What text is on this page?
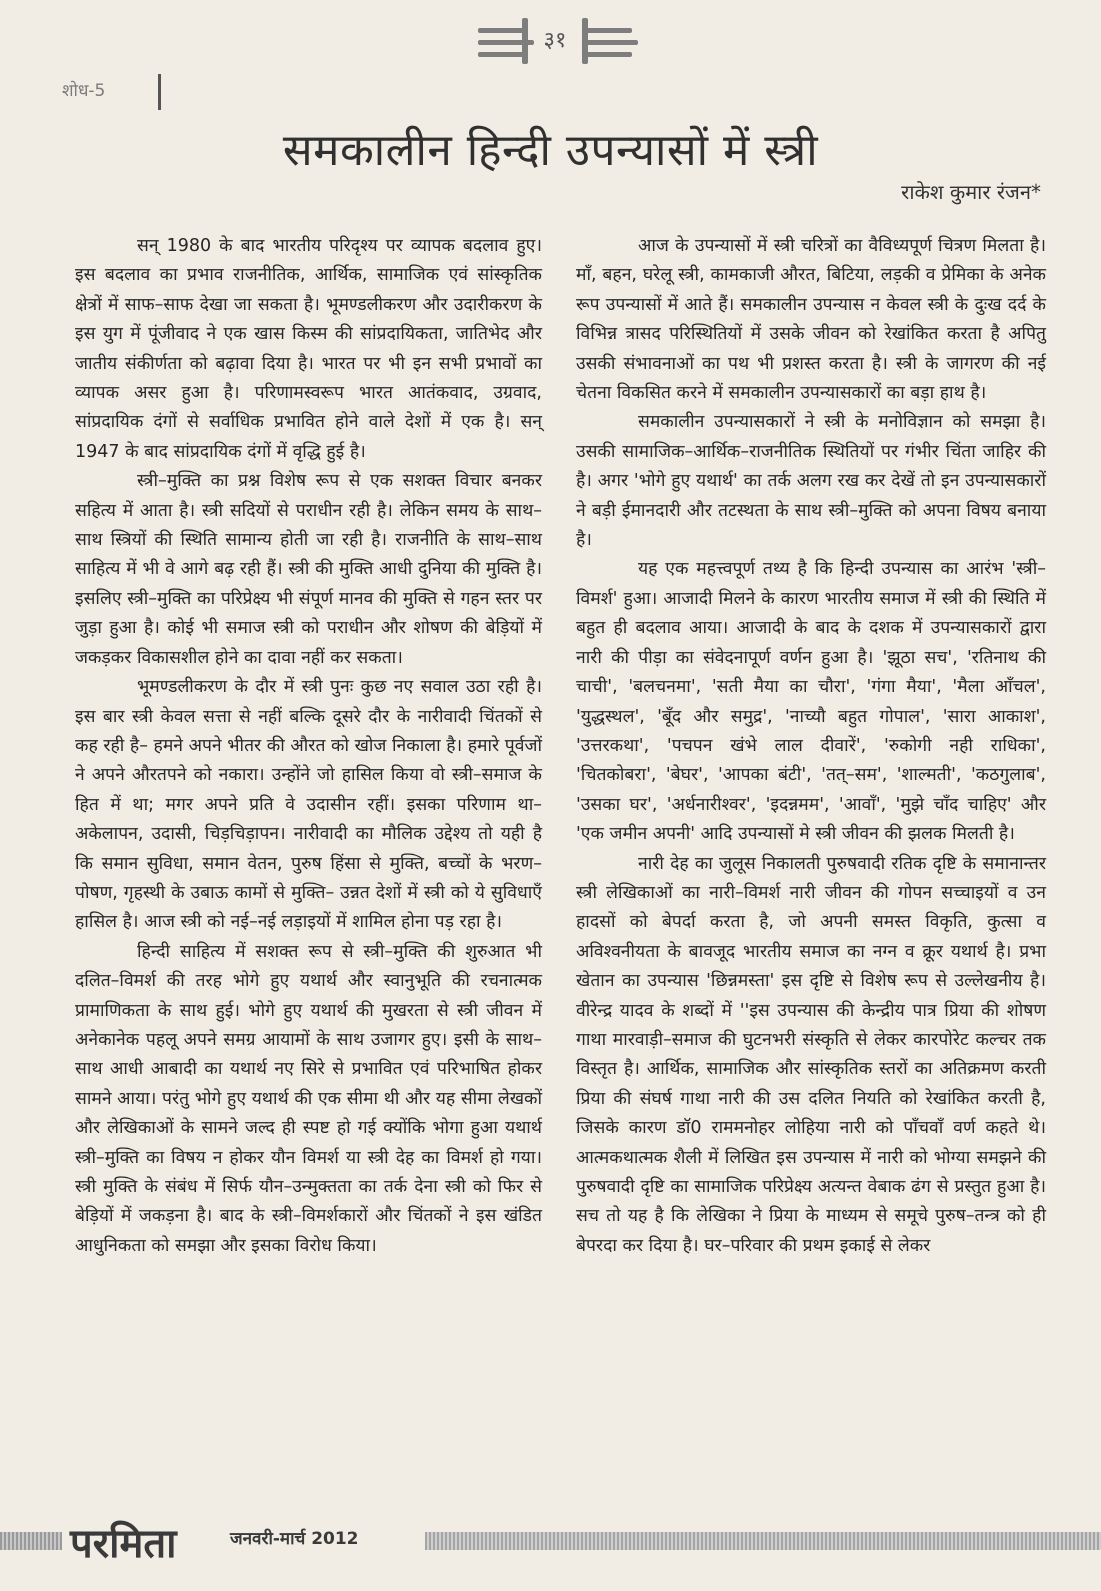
३१
शोध-5
समकालीन हिन्दी उपन्यासों में स्त्री
राकेश कुमार रंजन*

सन् 1980 के बाद भारतीय परिदृश्य पर व्यापक बदलाव हुए। इस बदलाव का प्रभाव राजनीतिक, आर्थिक, सामाजिक एवं सांस्कृतिक क्षेत्रों में साफ–साफ देखा जा सकता है। भूमण्डलीकरण और उदारीकरण के इस युग में पूंजीवाद ने एक खास किस्म की सांप्रदायिकता, जातिभेद और जातीय संकीर्णता को बढ़ावा दिया है। भारत पर भी इन सभी प्रभावों का व्यापक असर हुआ है। परिणामस्वरूप भारत आतंकवाद, उग्रवाद, सांप्रदायिक दंगों से सर्वाधिक प्रभावित होने वाले देशों में एक है। सन् 1947 के बाद सांप्रदायिक दंगों में वृद्धि हुई है।

स्त्री–मुक्ति का प्रश्न विशेष रूप से एक सशक्त विचार बनकर सहित्य में आता है। स्त्री सदियों से पराधीन रही है। लेकिन समय के साथ–साथ स्त्रियों की स्थिति सामान्य होती जा रही है। राजनीति के साथ–साथ साहित्य में भी वे आगे बढ़ रही हैं। स्त्री की मुक्ति आधी दुनिया की मुक्ति है। इसलिए स्त्री–मुक्ति का परिप्रेक्ष्य भी संपूर्ण मानव की मुक्ति से गहन स्तर पर जुड़ा हुआ है। कोई भी समाज स्त्री को पराधीन और शोषण की बेड़ियों में जकड़कर विकासशील होने का दावा नहीं कर सकता।

भूमण्डलीकरण के दौर में स्त्री पुनः कुछ नए सवाल उठा रही है। इस बार स्त्री केवल सत्ता से नहीं बल्कि दूसरे दौर के नारीवादी चिंतकों से कह रही है– हमने अपने भीतर की औरत को खोज निकाला है। हमारे पूर्वजों ने अपने औरतपने को नकारा। उन्होंने जो हासिल किया वो स्त्री–समाज के हित में था; मगर अपने प्रति वे उदासीन रहीं। इसका परिणाम था– अकेलापन, उदासी, चिड़चिड़ापन। नारीवादी का मौलिक उद्देश्य तो यही है कि समान सुविधा, समान वेतन, पुरुष हिंसा से मुक्ति, बच्चों के भरण–पोषण, गृहस्थी के उबाऊ कामों से मुक्ति– उन्नत देशों में स्त्री को ये सुविधाएँ हासिल है। आज स्त्री को नई–नई लड़ाइयों में शामिल होना पड़ रहा है।

हिन्दी साहित्य में सशक्त रूप से स्त्री–मुक्ति की शुरुआत भी दलित–विमर्श की तरह भोगे हुए यथार्थ और स्वानुभूति की रचनात्मक प्रामाणिकता के साथ हुई। भोगे हुए यथार्थ की मुखरता से स्त्री जीवन में अनेकानेक पहलू अपने समग्र आयामों के साथ उजागर हुए। इसी के साथ–साथ आधी आबादी का यथार्थ नए सिरे से प्रभावित एवं परिभाषित होकर सामने आया। परंतु भोगे हुए यथार्थ की एक सीमा थी और यह सीमा लेखकों और लेखिकाओं के सामने जल्द ही स्पष्ट हो गई क्योंकि भोगा हुआ यथार्थ स्त्री–मुक्ति का विषय न होकर यौन विमर्श या स्त्री देह का विमर्श हो गया। स्त्री मुक्ति के संबंध में सिर्फ यौन–उन्मुक्तता का तर्क देना स्त्री को फिर से बेड़ियों में जकड़ना है। बाद के स्त्री–विमर्शकारों और चिंतकों ने इस खंडित आधुनिकता को समझा और इसका विरोध किया।

आज के उपन्यासों में स्त्री चरित्रों का वैविध्यपूर्ण चित्रण मिलता है। माँ, बहन, घरेलू स्त्री, कामकाजी औरत, बिटिया, लड़की व प्रेमिका के अनेक रूप उपन्यासों में आते हैं। समकालीन उपन्यास न केवल स्त्री के दुःख दर्द के विभिन्न त्रासद परिस्थितियों में उसके जीवन को रेखांकित करता है अपितु उसकी संभावनाओं का पथ भी प्रशस्त करता है। स्त्री के जागरण की नई चेतना विकसित करने में समकालीन उपन्यासकारों का बड़ा हाथ है।

समकालीन उपन्यासकारों ने स्त्री के मनोविज्ञान को समझा है। उसकी सामाजिक–आर्थिक–राजनीतिक स्थितियों पर गंभीर चिंता जाहिर की है। अगर 'भोगे हुए यथार्थ' का तर्क अलग रख कर देखें तो इन उपन्यासकारों ने बड़ी ईमानदारी और तटस्थता के साथ स्त्री–मुक्ति को अपना विषय बनाया है।

यह एक महत्त्वपूर्ण तथ्य है कि हिन्दी उपन्यास का आरंभ 'स्त्री–विमर्श' हुआ। आजादी मिलने के कारण भारतीय समाज में स्त्री की स्थिति में बहुत ही बदलाव आया। आजादी के बाद के दशक में उपन्यासकारों द्वारा नारी की पीड़ा का संवेदनापूर्ण वर्णन हुआ है। 'झूठा सच', 'रतिनाथ की चाची', 'बलचनमा', 'सती मैया का चौरा', 'गंगा मैया', 'मैला आँचल', 'युद्धस्थल', 'बूँद और समुद्र', 'नाच्यौ बहुत गोपाल', 'सारा आकाश', 'उत्तरकथा', 'पचपन खंभे लाल दीवारें', 'रुकोगी नही राधिका', 'चितकोबरा', 'बेघर', 'आपका बंटी', 'तत्–सम', 'शाल्मती', 'कठगुलाब', 'उसका घर', 'अर्धनारीश्वर', 'इदन्नमम', 'आवाँ', 'मुझे चाँद चाहिए' और 'एक जमीन अपनी' आदि उपन्यासों मे स्त्री जीवन की झलक मिलती है।

नारी देह का जुलूस निकालती पुरुषवादी रतिक दृष्टि के समानान्तर स्त्री लेखिकाओं का नारी–विमर्श नारी जीवन की गोपन सच्चाइयों व उन हादसों को बेपर्दा करता है, जो अपनी समस्त विकृति, कुत्सा व अविश्वनीयता के बावजूद भारतीय समाज का नग्न व क्रूर यथार्थ है। प्रभा खेतान का उपन्यास 'छिन्नमस्ता' इस दृष्टि से विशेष रूप से उल्लेखनीय है। वीरेन्द्र यादव के शब्दों में ''इस उपन्यास की केन्द्रीय पात्र प्रिया की शोषण गाथा मारवाड़ी–समाज की घुटनभरी संस्कृति से लेकर कारपोरेट कल्चर तक विस्तृत है। आर्थिक, सामाजिक और सांस्कृतिक स्तरों का अतिक्रमण करती प्रिया की संघर्ष गाथा नारी की उस दलित नियति को रेखांकित करती है, जिसके कारण डॉ0 राममनोहर लोहिया नारी को पाँचवॉं वर्ण कहते थे। आत्मकथात्मक शैली में लिखित इस उपन्यास में नारी को भोग्या समझने की पुरुषवादी दृष्टि का सामाजिक परिप्रेक्ष्य अत्यन्त वेबाक ढंग से प्रस्तुत हुआ है। सच तो यह है कि लेखिका ने प्रिया के माध्यम से समूचे पुरुष–तन्त्र को ही बेपरदा कर दिया है। घर–परिवार की प्रथम इकाई से लेकर

परमिता	जनवरी-मार्च 2012
